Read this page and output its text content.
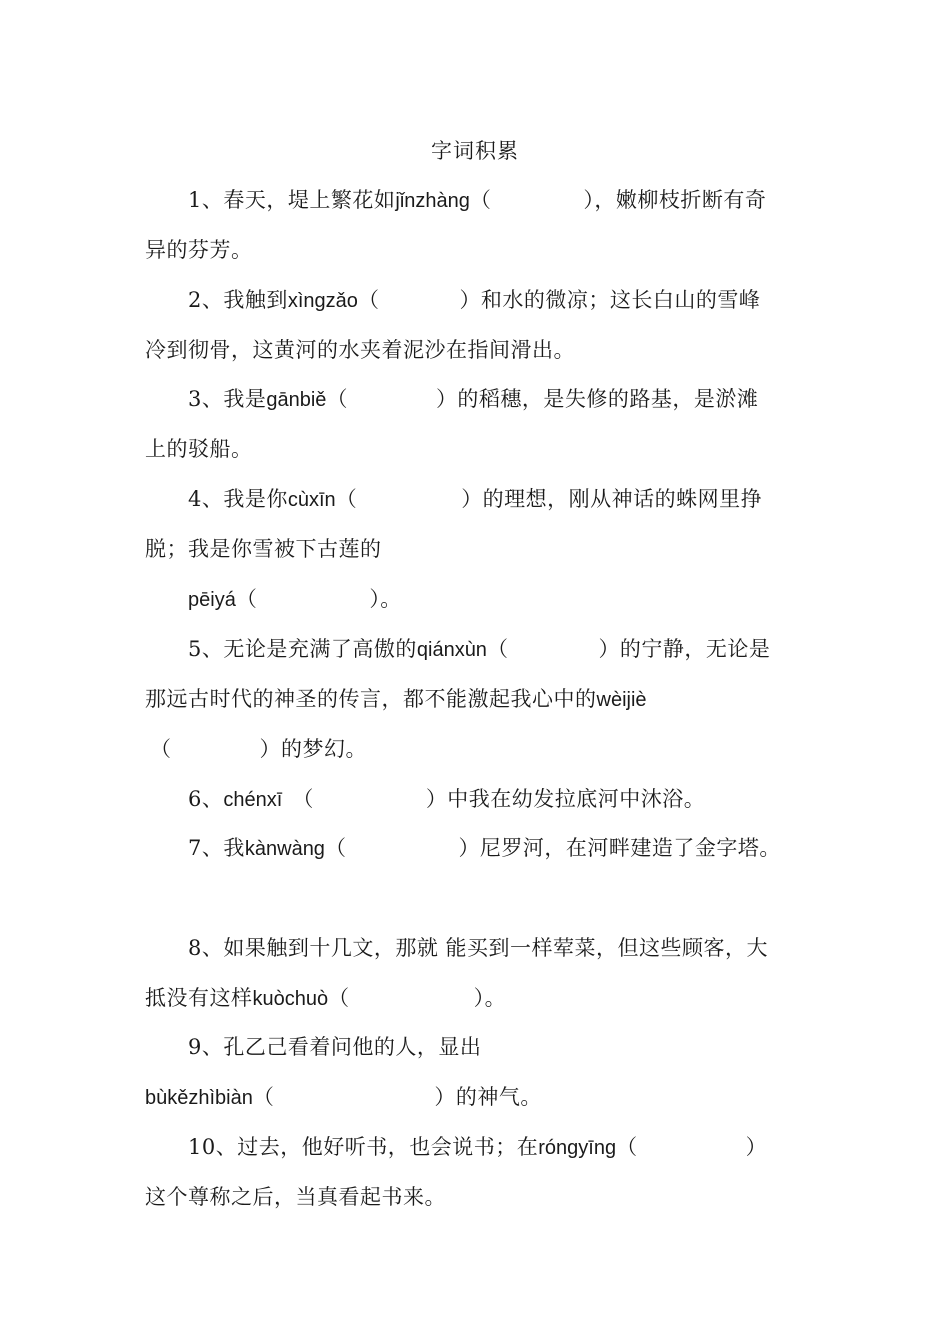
字词积累
1、春天，堤上繁花如jǐnzhàng（	），嫩柳枝折断有奇
异的芬芳。
2、我触到xìngzǎo（	）和水的微凉；这长白山的雪峰
冷到彻骨，这黄河的水夹着泥沙在指间滑出。
3、我是gānbiě（	）的稻穗，是失修的路基，是淤滩
上的驳船。
4、我是你cùxīn（	）的理想，刚从神话的蛛网里挣
脱；我是你雪被下古莲的
pēiyá（	）。
5、无论是充满了高傲的qiánxùn（	）的宁静，无论是
那远古时代的神圣的传言，都不能激起我心中的wèijiè
（	）的梦幻。
6、chénxī （	）中我在幼发拉底河中沐浴。
7、我kànwàng（	）尼罗河，在河畔建造了金字塔。
8、如果触到十几文，那就 能买到一样荤菜，但这些顾客，大
抵没有这样kuòchuò（	）。
9、孔乙己看着问他的人，显出
bùkězhìbiàn（	）的神气。
10、过去，他好听书，也会说书；在róngyīng（	）
这个尊称之后，当真看起书来。
